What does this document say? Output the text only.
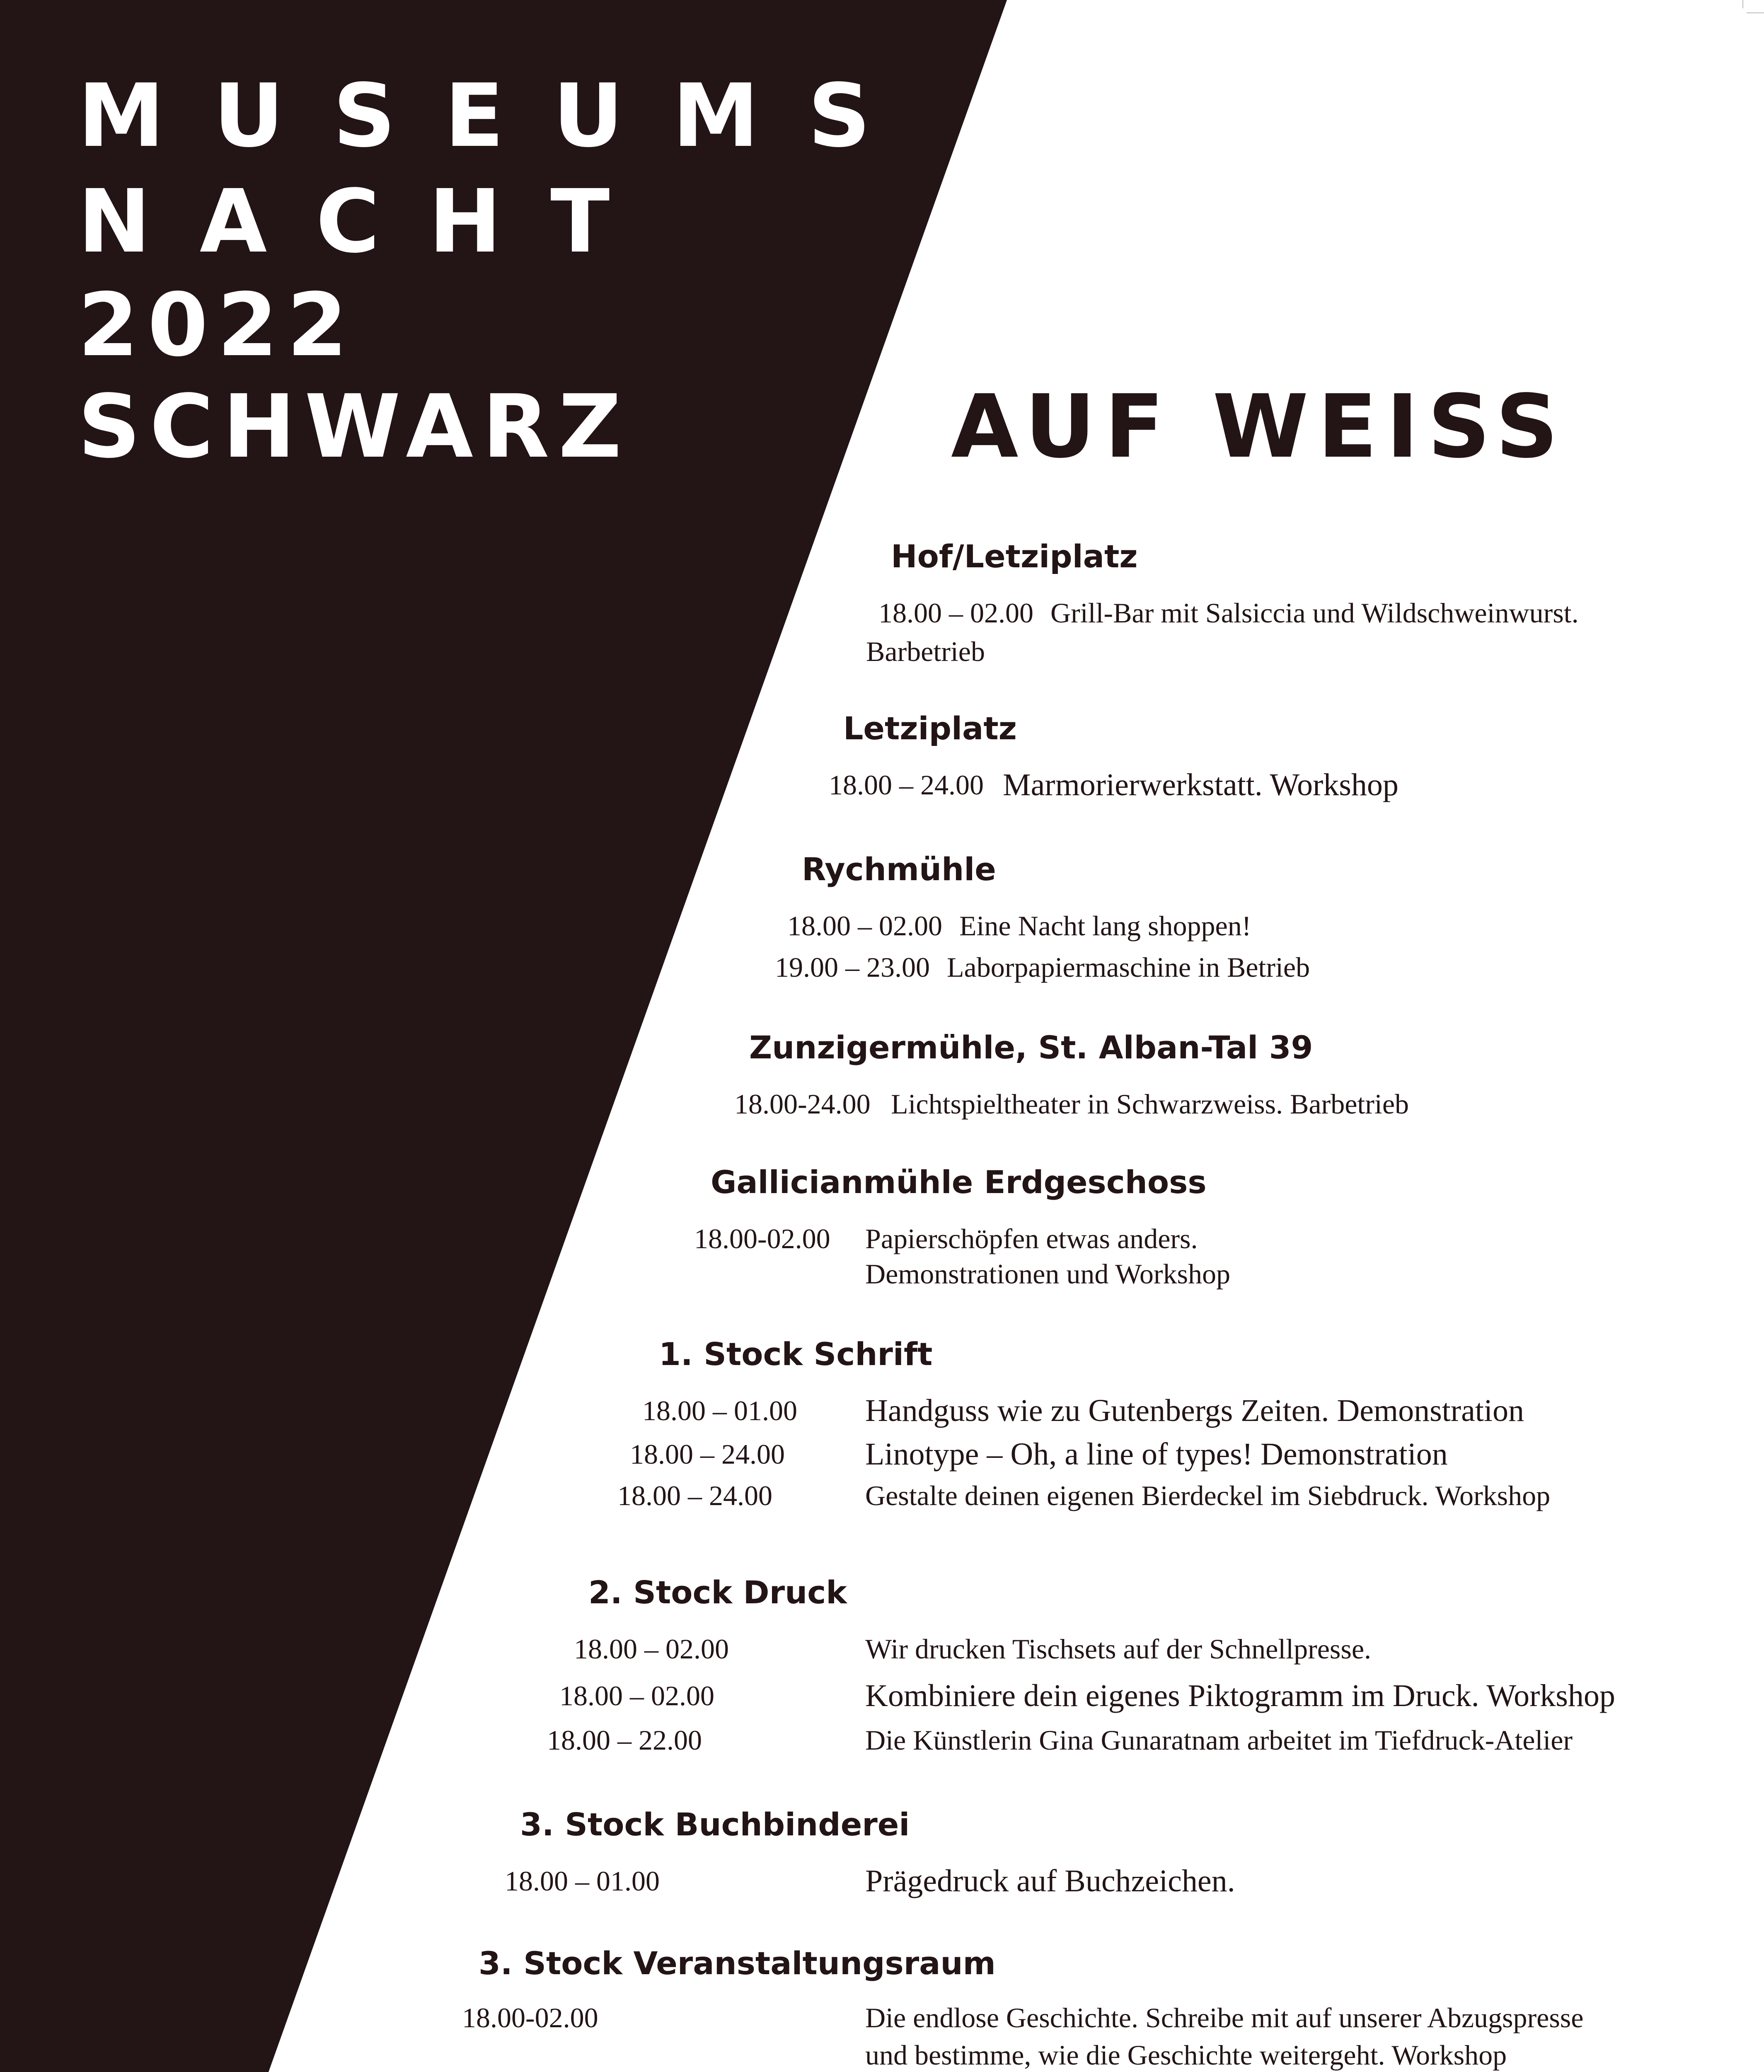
MUSEUMS
NACHT
2022
SCHWARZ	AUF WEISS
Hof/Letziplatz
18.00 – 02.00 Grill-Bar mit Salsiccia und Wildschweinwurst.
Barbetrieb
Letziplatz
18.00 – 24.00 Marmorierwerkstatt. Workshop
Rychmühle
18.00 – 02.00 Eine Nacht lang shoppen!
19.00 – 23.00 Laborpapiermaschine in Betrieb
Zunzigermühle, St. Alban-Tal 39
18.00-24.00 Lichtspieltheater in Schwarzweiss. Barbetrieb
Gallicianmühle Erdgeschoss
18.00-02.00 Papierschöpfen etwas anders.
Demonstrationen und Workshop
1. Stock Schrift
18.00 – 01.00 Handguss wie zu Gutenbergs Zeiten. Demonstration
18.00 – 24.00	Linotype – Oh, a line of types! Demonstration
18.00 – 24.00	Gestalte deinen eigenen Bierdeckel im Siebdruck. Workshop
2. Stock Druck
18.00 – 02.00	Wir drucken Tischsets auf der Schnellpresse.
18.00 – 02.00	Kombiniere dein eigenes Piktogramm im Druck. Workshop
18.00 – 22.00	Die Künstlerin Gina Gunaratnam arbeitet im Tiefdruck-Atelier
3. Stock Buchbinderei
18.00 – 01.00	Prägedruck auf Buchzeichen.
3. Stock Veranstaltungsraum
18.00-02.00	Die endlose Geschichte. Schreibe mit auf unserer Abzugspresse
und bestimme, wie die Geschichte weitergeht. Workshop
